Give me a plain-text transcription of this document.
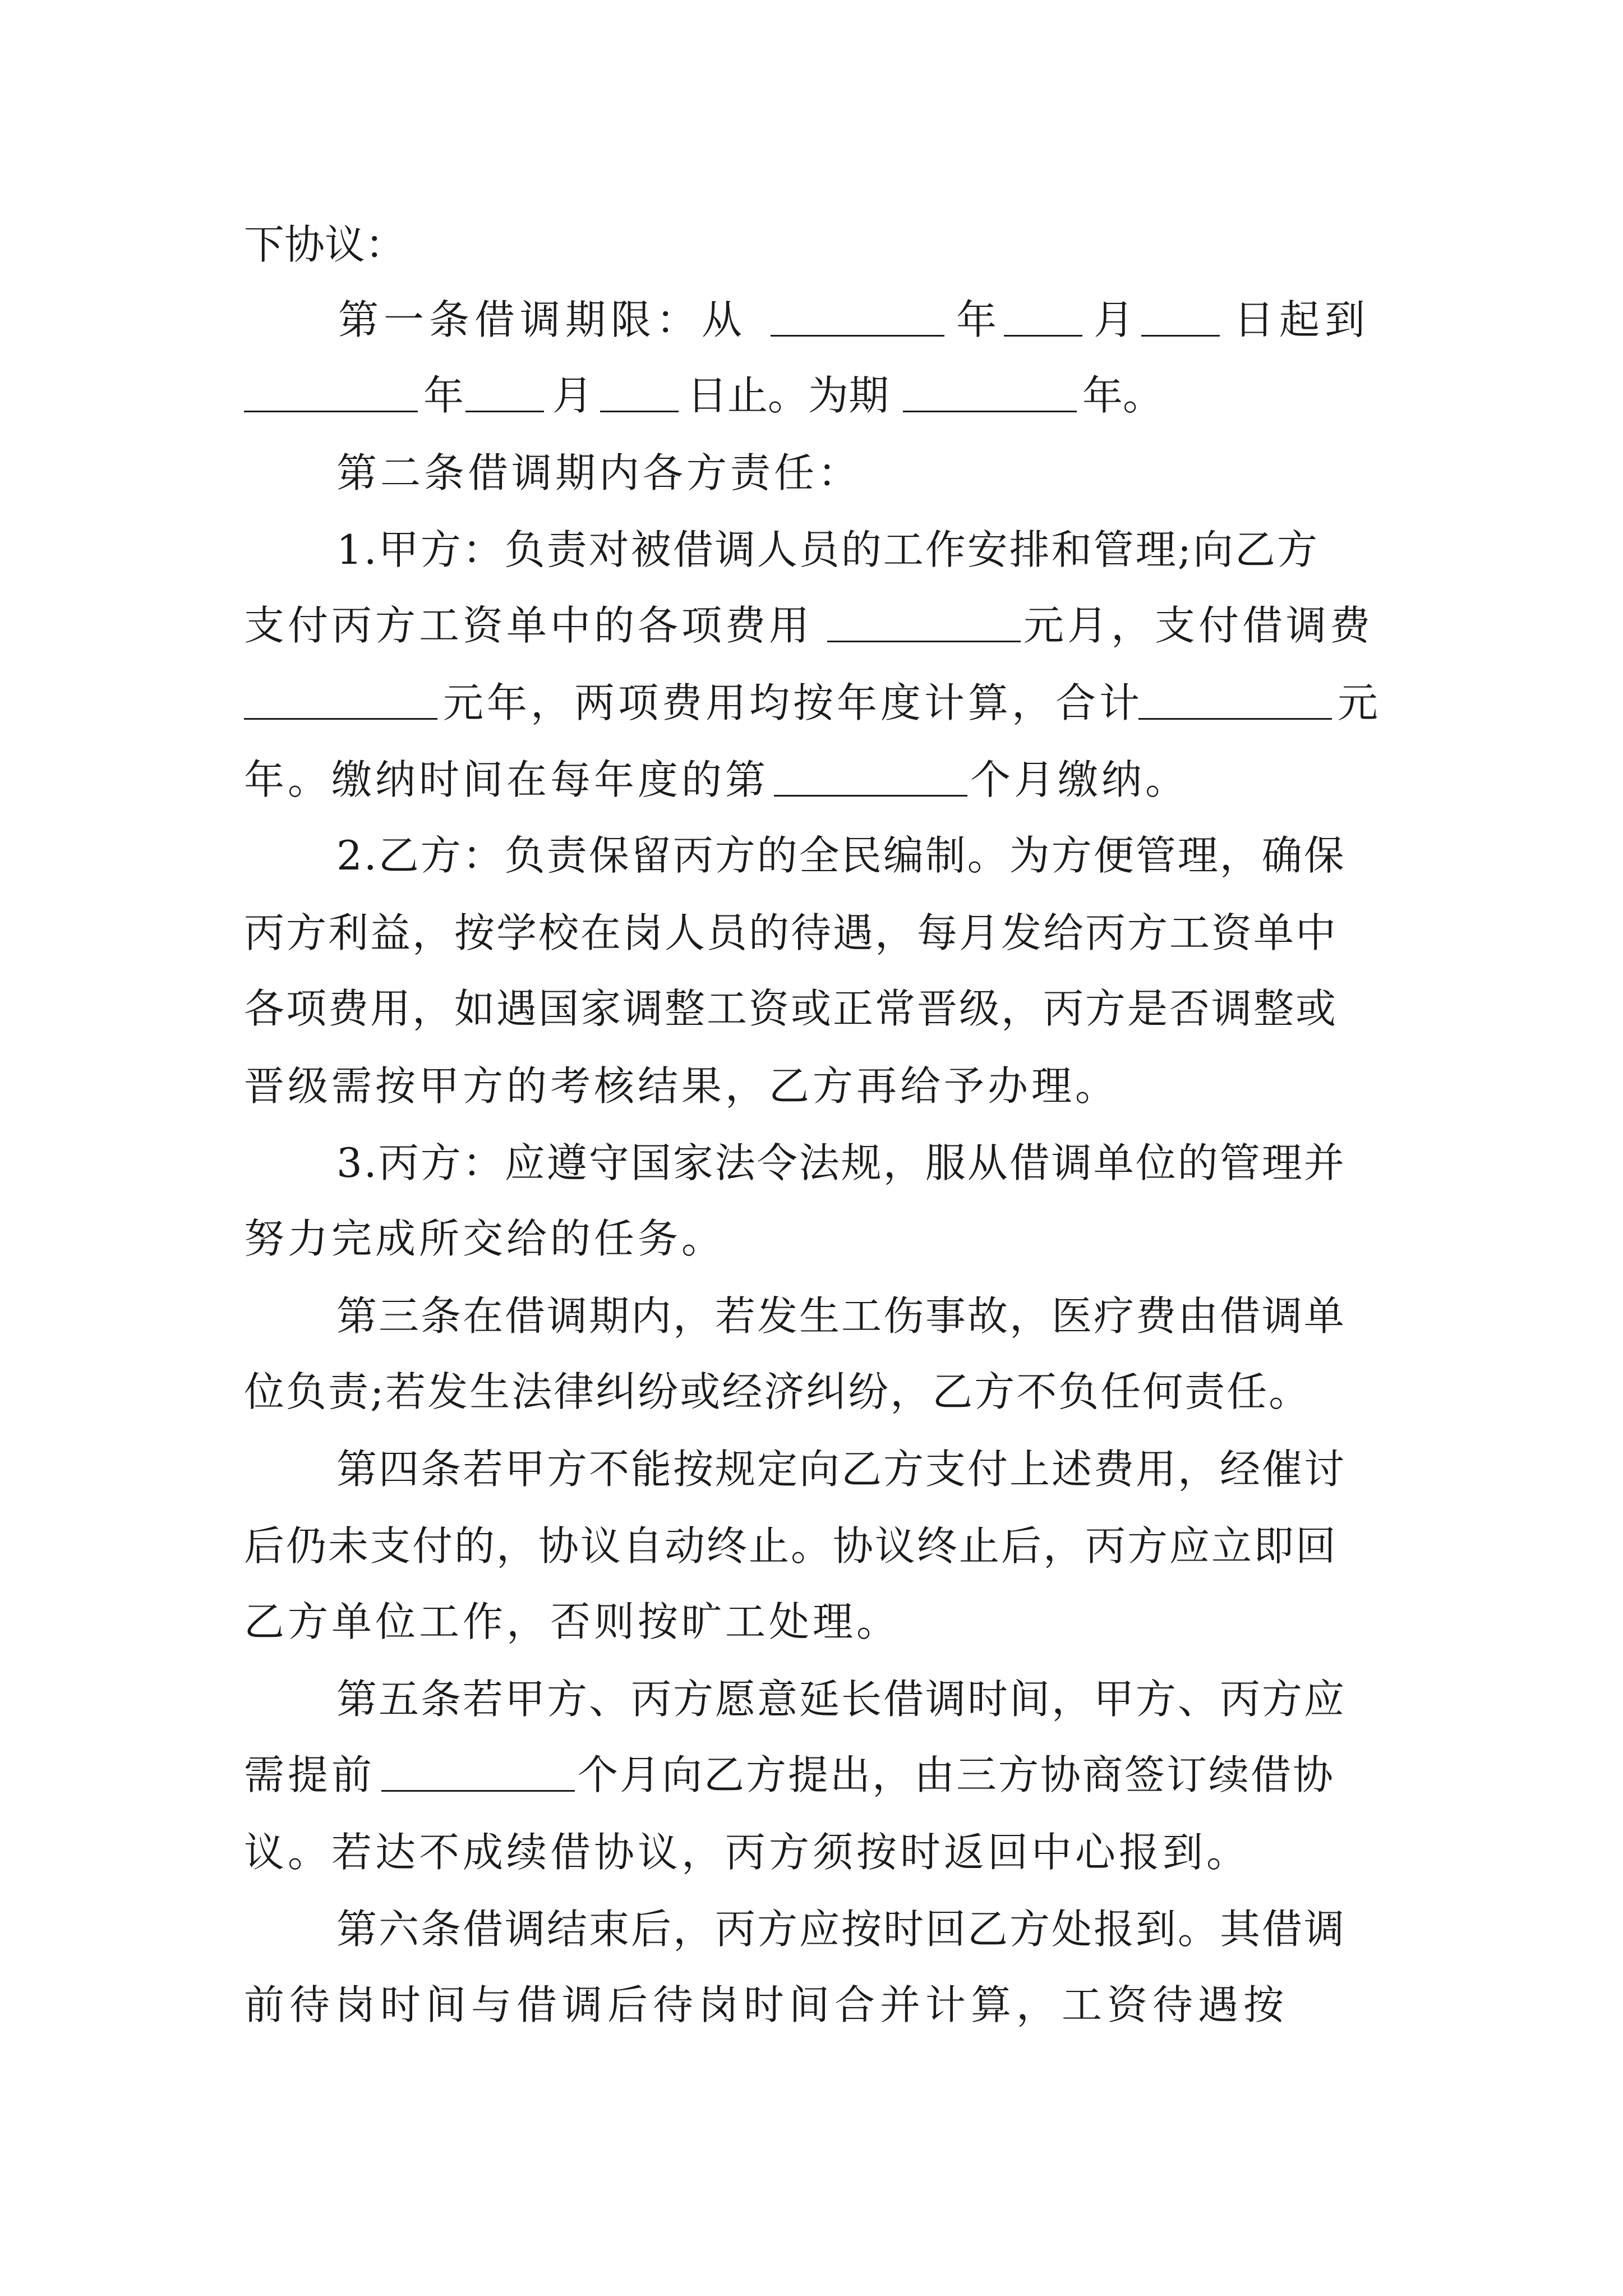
下协议：
第一条借调期限：从	年 月 日起到
年 月 日止。为期	年。
第二条借调期内各方责任：
1.甲方：负责对被借调人员的工作安排和管理;向乙方
支付丙方工资单中的各项费用	元月，支付借调费
元年，两项费用均按年度计算，合计	元
年。缴纳时间在每年度的第	个月缴纳。
2.乙方：负责保留丙方的全民编制。为方便管理，确保
丙方利益，按学校在岗人员的待遇，每月发给丙方工资单中
各项费用，如遇国家调整工资或正常晋级，丙方是否调整或
晋级需按甲方的考核结果，乙方再给予办理。
3.丙方：应遵守国家法令法规，服从借调单位的管理并
努力完成所交给的任务。
第三条在借调期内，若发生工伤事故，医疗费由借调单
位负责;若发生法律纠纷或经济纠纷，乙方不负任何责任。
第四条若甲方不能按规定向乙方支付上述费用，经催讨
后仍未支付的，协议自动终止。协议终止后，丙方应立即回
乙方单位工作，否则按旷工处理。
第五条若甲方、丙方愿意延长借调时间，甲方、丙方应
需提前	个月向乙方提出，由三方协商签订续借协
议。若达不成续借协议，丙方须按时返回中心报到。
第六条借调结束后，丙方应按时回乙方处报到。其借调
前待岗时间与借调后待岗时间合并计算，工资待遇按
